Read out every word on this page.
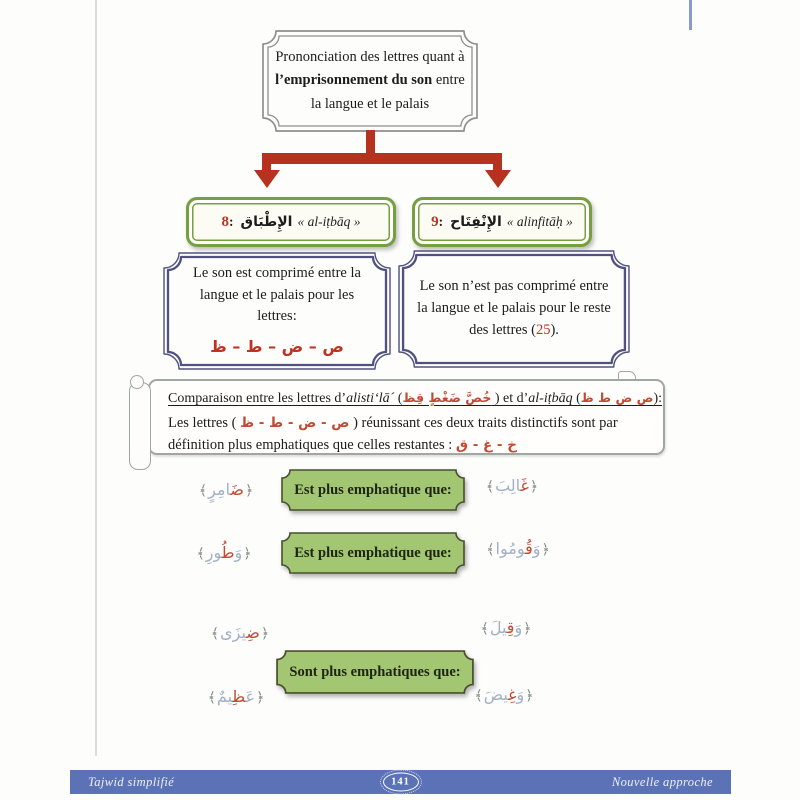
Prononciation des lettres quant à
l’emprisonnement du son entre
la langue et le palais
8 : الإِطْبَاق « al-iṭbāq »	9 : الإِنْفِتَاح « alinfitāḥ »
Le son est comprimé entre la langue et le palais pour les lettres:
ص – ض – ط – ظ
Le son n’est pas comprimé entre la langue et le palais pour le reste des lettres (25).
Comparaison entre les lettres d’alisti‘lā´ (خُصَّ ضَغْطٍ قِظ ) et d’al-iṭbāq (ص ض ط ظ):
Les lettres ( ص - ض - ط - ظ ) réunissant ces deux traits distinctifs sont par
définition plus emphatiques que celles restantes : خ - غ - ق
﴿ضَامِرٍ﴾	Est plus emphatique que:	﴿غَالِبَ﴾
﴿وَطُورِ﴾	Est plus emphatique que:	﴿وَقُومُوا﴾
﴿ضِيزَى﴾	﴿وَقِيلَ﴾
Sont plus emphatiques que:
﴿عَظِيمٌ﴾	﴿وَغِيضَ﴾
Tajwid simplifié	141	Nouvelle approche
